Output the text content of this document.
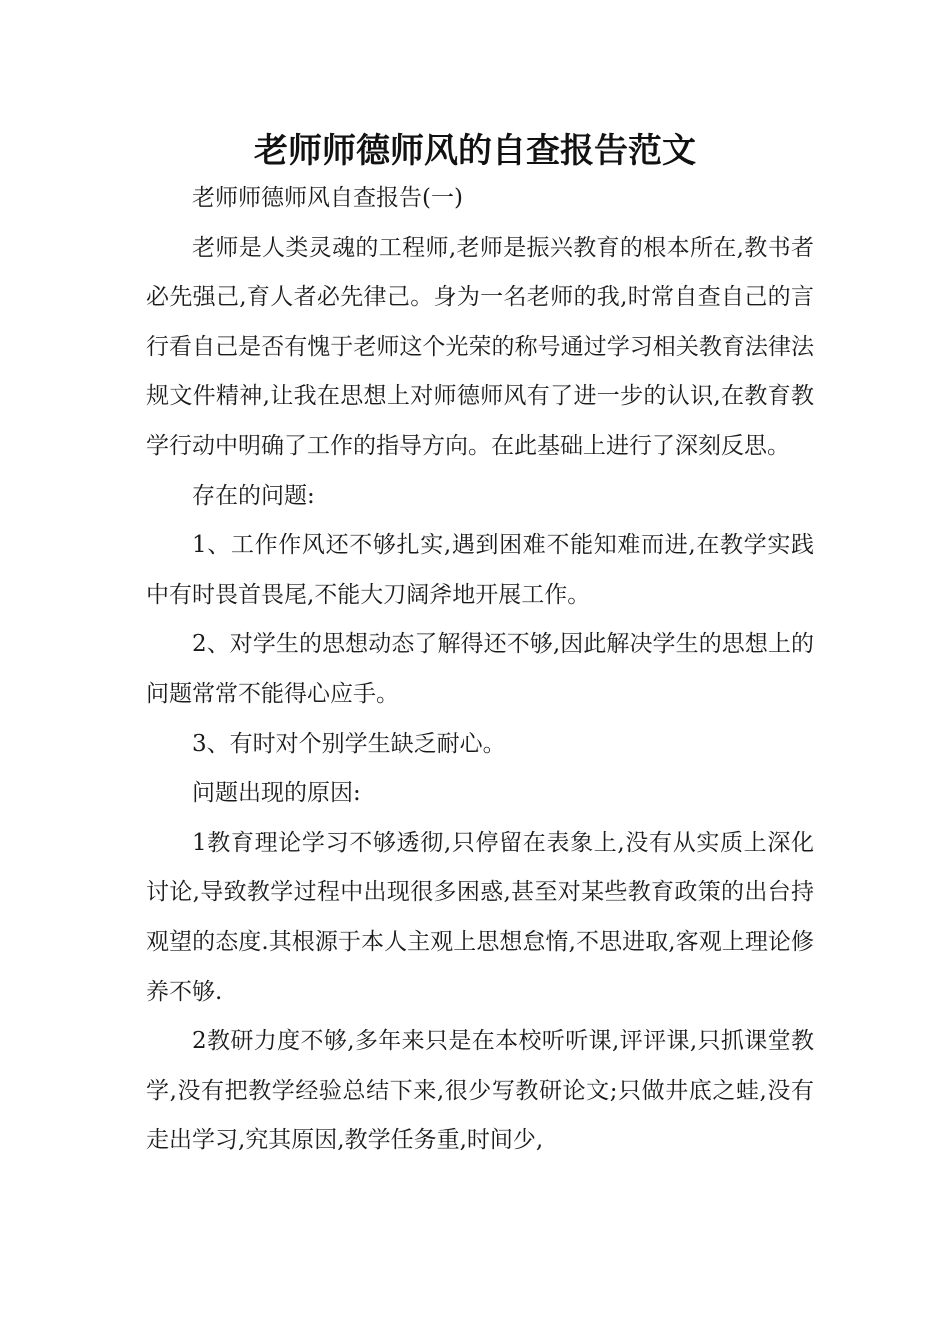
老师师德师风的自查报告范文

老师师德师风自查报告(一)

老师是人类灵魂的工程师,老师是振兴教育的根本所在,教书者必先强己,育人者必先律己。身为一名老师的我,时常自查自己的言行看自己是否有愧于老师这个光荣的称号通过学习相关教育法律法规文件精神,让我在思想上对师德师风有了进一步的认识,在教育教学行动中明确了工作的指导方向。在此基础上进行了深刻反思。

存在的问题:

1、工作作风还不够扎实,遇到困难不能知难而进,在教学实践中有时畏首畏尾,不能大刀阔斧地开展工作。

2、对学生的思想动态了解得还不够,因此解决学生的思想上的问题常常不能得心应手。

3、有时对个别学生缺乏耐心。

问题出现的原因:

1教育理论学习不够透彻,只停留在表象上,没有从实质上深化讨论,导致教学过程中出现很多困惑,甚至对某些教育政策的出台持观望的态度.其根源于本人主观上思想怠惰,不思进取,客观上理论修养不够.

2教研力度不够,多年来只是在本校听听课,评评课,只抓课堂教学,没有把教学经验总结下来,很少写教研论文;只做井底之蛙,没有走出学习,究其原因,教学任务重,时间少,
